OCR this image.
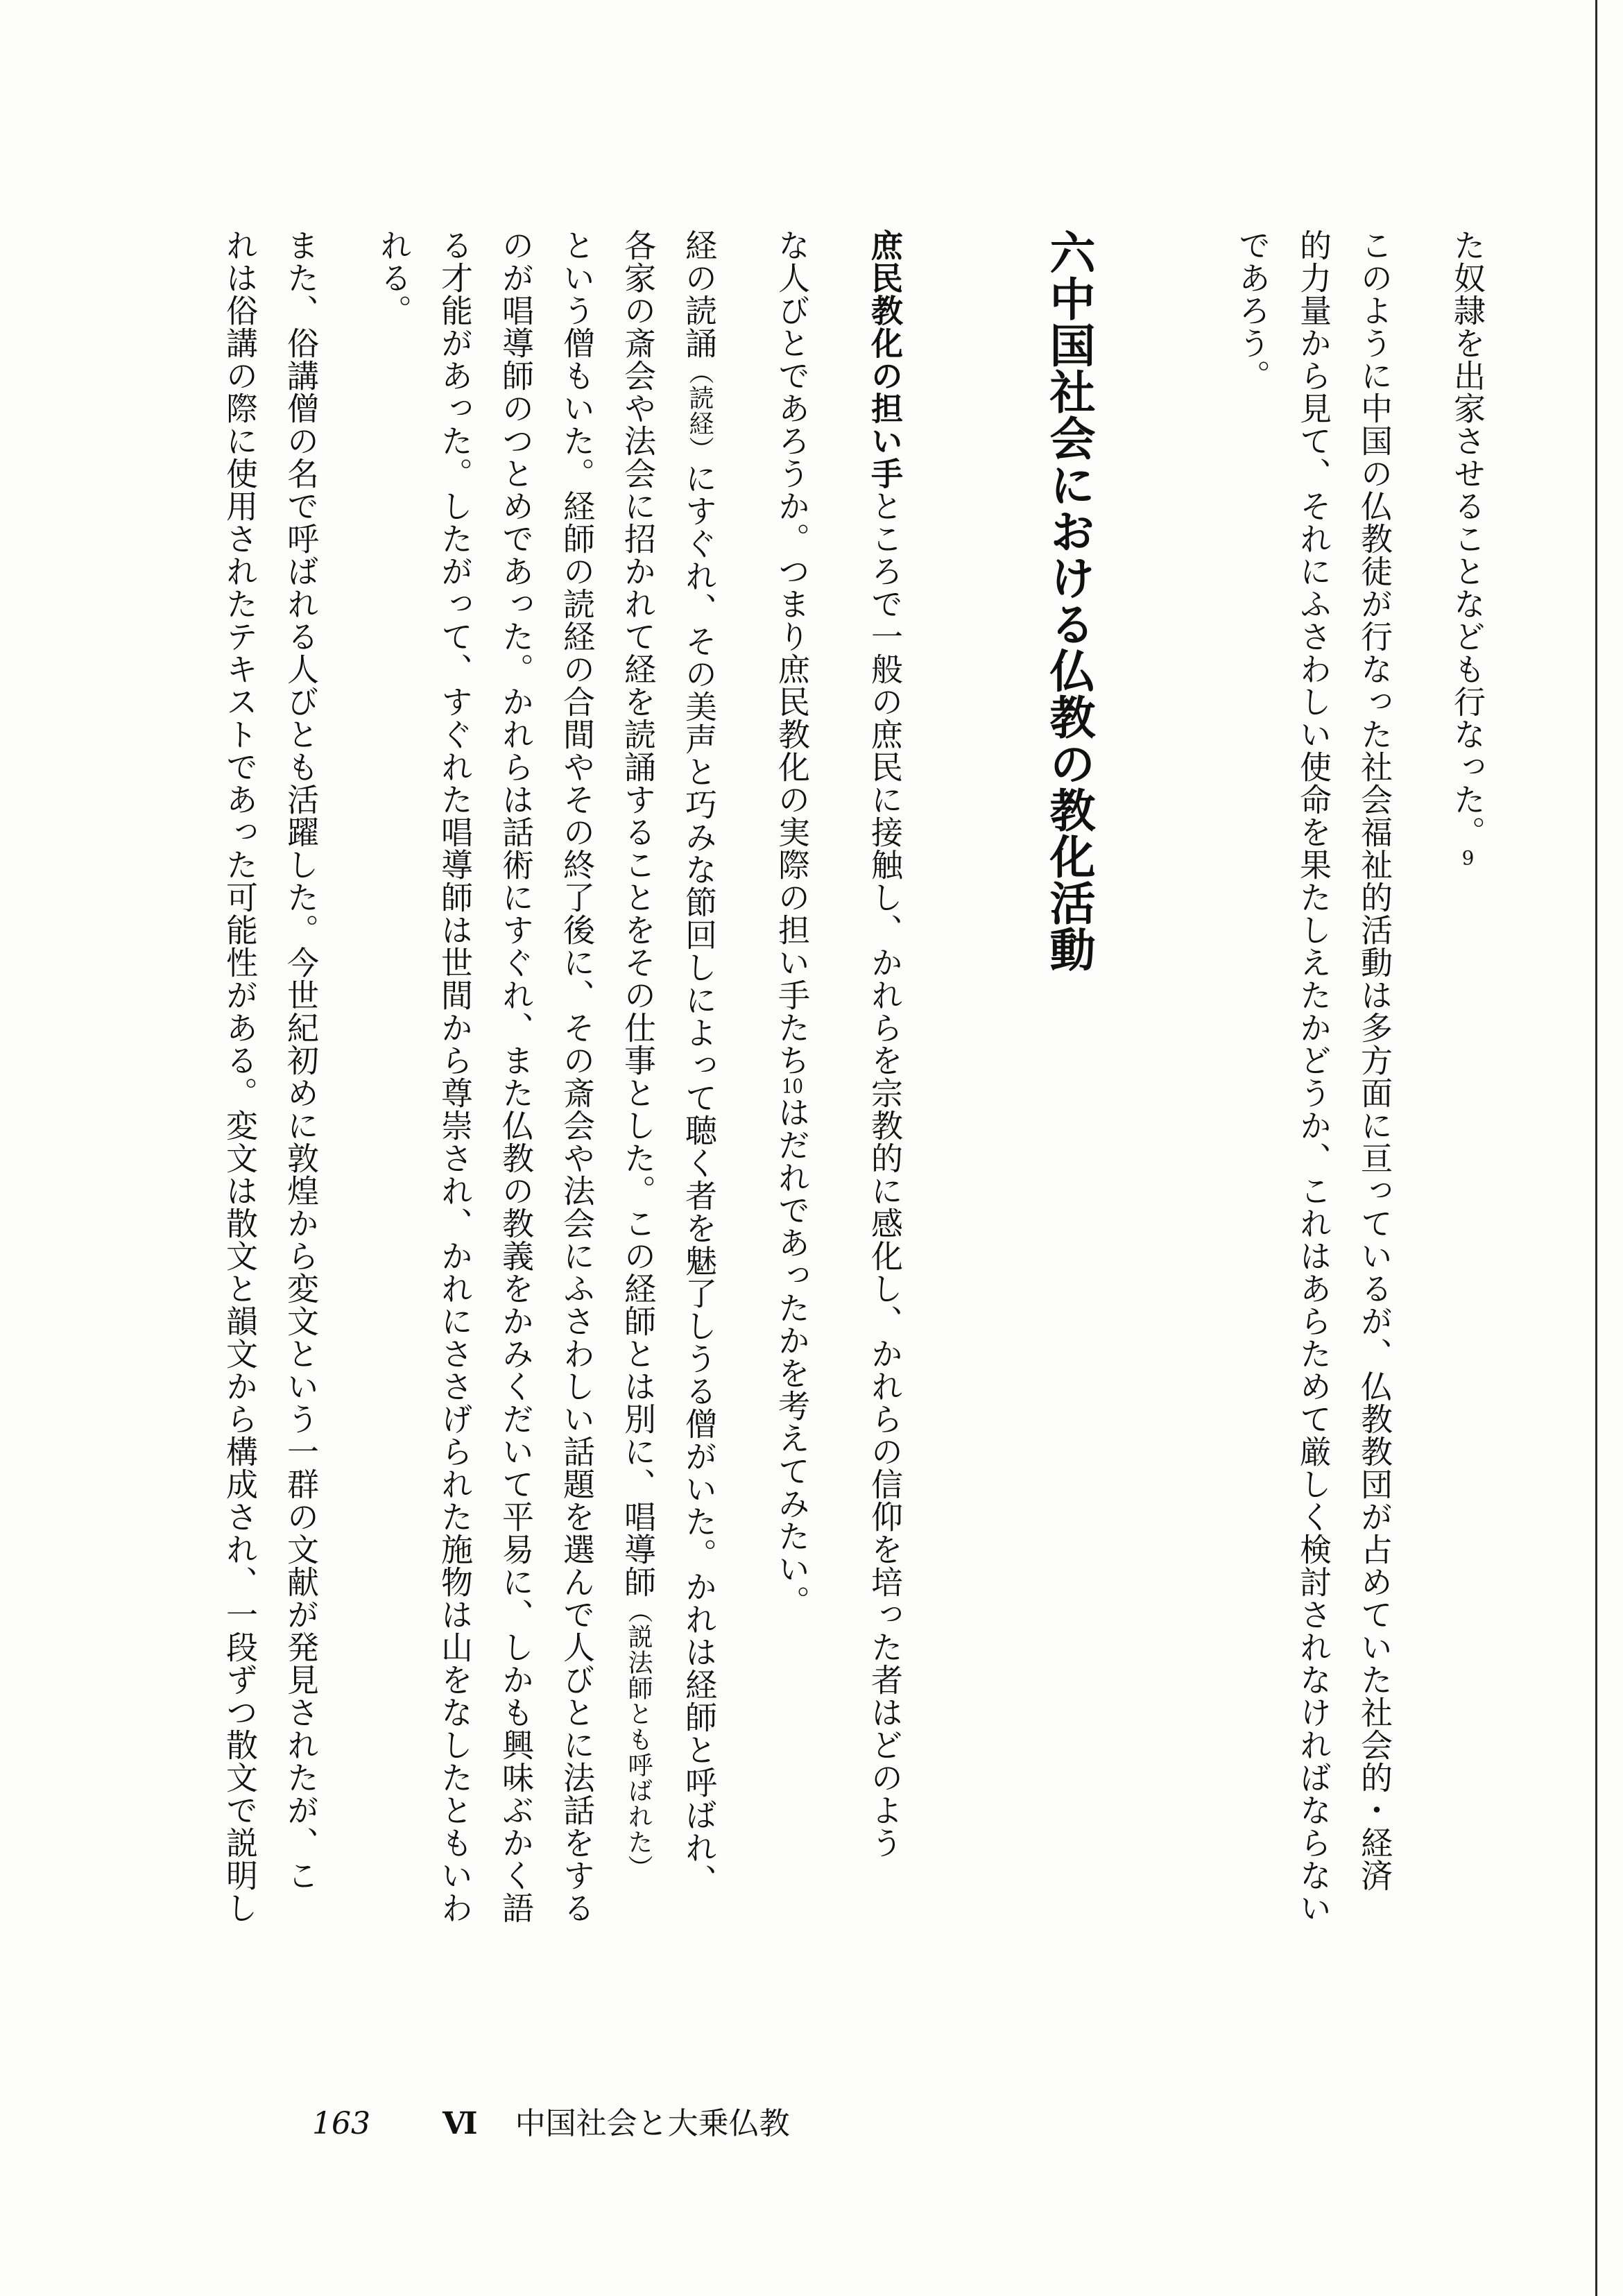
た奴隷を出家させることなども行なった。9
このように中国の仏教徒が行なった社会福祉的活動は多方面に亘っているが、仏教教団が占めていた社会的・経済
的力量から見て、それにふさわしい使命を果たしえたかどうか、これはあらためて厳しく検討されなければならない
であろう。
六中国社会における仏教の教化活動
庶民教化の担い手ところで一般の庶民に接触し、かれらを宗教的に感化し、かれらの信仰を培った者はどのよう
な人びとであろうか。つまり庶民教化の実際の担い手たち10はだれであったかを考えてみたい。
経の読誦（読経）にすぐれ、その美声と巧みな節回しによって聴く者を魅了しうる僧がいた。かれは経師と呼ばれ、
各家の斎会や法会に招かれて経を読誦することをその仕事とした。この経師とは別に、唱導師（説法師とも呼ばれた）
という僧もいた。経師の読経の合間やその終了後に、その斎会や法会にふさわしい話題を選んで人びとに法話をする
のが唱導師のつとめであった。かれらは話術にすぐれ、また仏教の教義をかみくだいて平易に、しかも興味ぶかく語
る才能があった。したがって、すぐれた唱導師は世間から尊崇され、かれにささげられた施物は山をなしたともいわ
れる。
また、俗講僧の名で呼ばれる人びとも活躍した。今世紀初めに敦煌から変文という一群の文献が発見されたが、こ
れは俗講の際に使用されたテキストであった可能性がある。変文は散文と韻文から構成され、一段ずつ散文で説明し
163 Ⅵ 中国社会と大乗仏教
